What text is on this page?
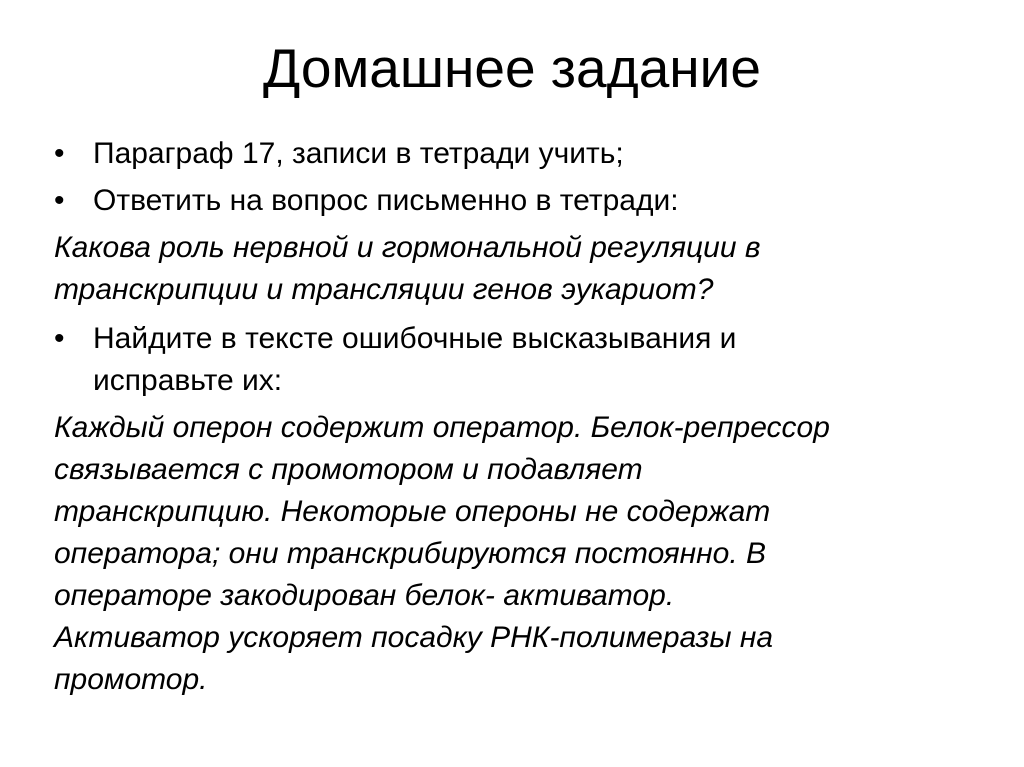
Домашнее задание
• Параграф 17, записи в тетради учить;
• Ответить на вопрос письменно в тетради:
Какова роль нервной и гормональной регуляции в
транскрипции и трансляции генов эукариот?
• Найдите в тексте ошибочные высказывания и
исправьте их:
Каждый оперон содержит оператор. Белок-репрессор
связывается с промотором и подавляет
транскрипцию. Некоторые опероны не содержат
оператора; они транскрибируются постоянно. В
операторе закодирован белок- активатор.
Активатор ускоряет посадку РНК-полимеразы на
промотор.
